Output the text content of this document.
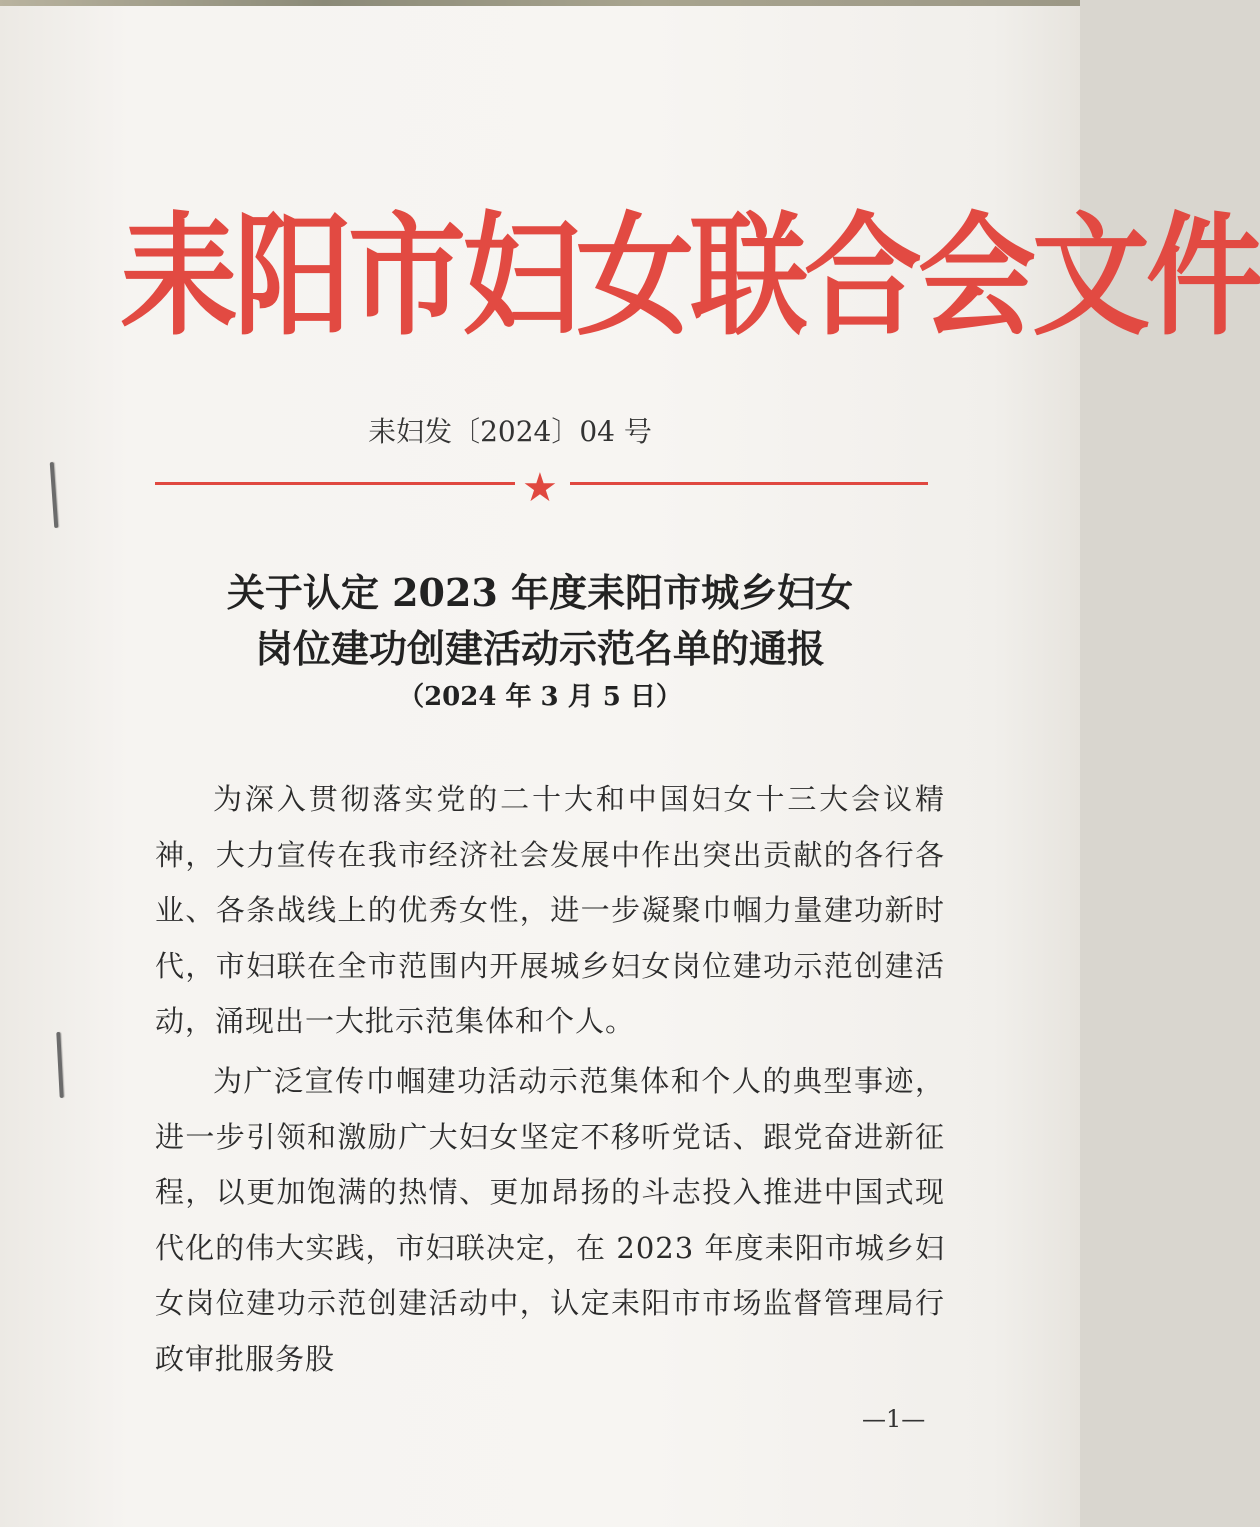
耒阳市妇女联合会文件
耒妇发〔2024〕04 号
★
关于认定 2023 年度耒阳市城乡妇女
岗位建功创建活动示范名单的通报
（2024 年 3 月 5 日）
为深入贯彻落实党的二十大和中国妇女十三大会议精神，大力宣传在我市经济社会发展中作出突出贡献的各行各业、各条战线上的优秀女性，进一步凝聚巾帼力量建功新时代，市妇联在全市范围内开展城乡妇女岗位建功示范创建活动，涌现出一大批示范集体和个人。
为广泛宣传巾帼建功活动示范集体和个人的典型事迹，进一步引领和激励广大妇女坚定不移听党话、跟党奋进新征程，以更加饱满的热情、更加昂扬的斗志投入推进中国式现代化的伟大实践，市妇联决定，在 2023 年度耒阳市城乡妇女岗位建功示范创建活动中，认定耒阳市市场监督管理局行政审批服务股
—1—
